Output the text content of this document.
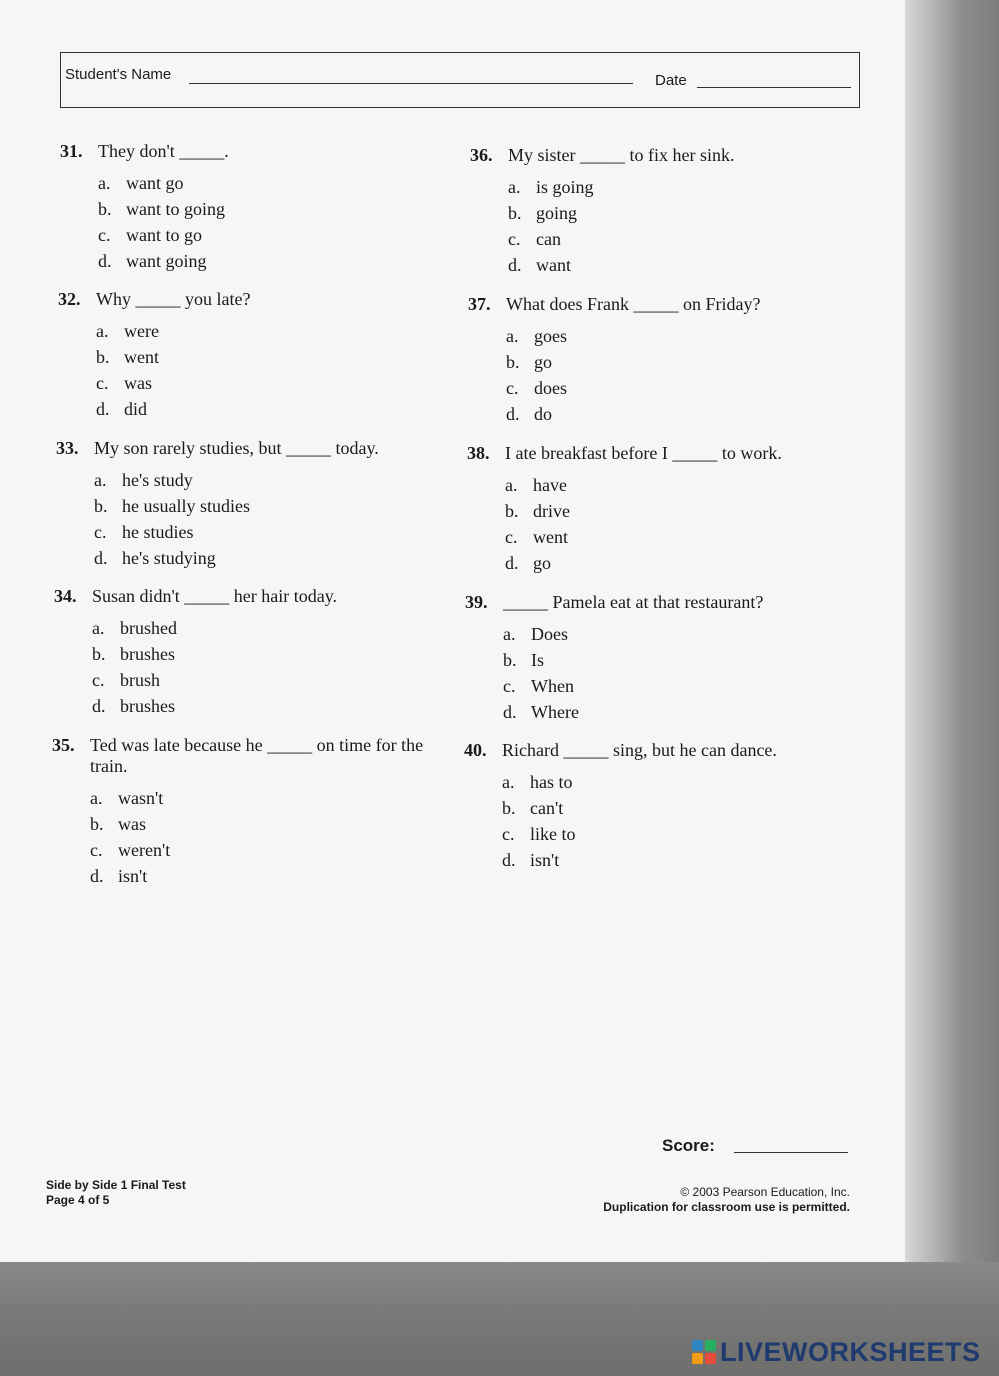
Student's Name	Date
31. They don't _____.
a. want go
b. want to going
c. want to go
d. want going
32. Why _____ you late?
a. were
b. went
c. was
d. did
33. My son rarely studies, but _____ today.
a. he's study
b. he usually studies
c. he studies
d. he's studying
34. Susan didn't _____ her hair today.
a. brushed
b. brushes
c. brush
d. brushes
35. Ted was late because he _____ on time for the train.
a. wasn't
b. was
c. weren't
d. isn't
36. My sister _____ to fix her sink.
a. is going
b. going
c. can
d. want
37. What does Frank _____ on Friday?
a. goes
b. go
c. does
d. do
38. I ate breakfast before I _____ to work.
a. have
b. drive
c. went
d. go
39. _____ Pamela eat at that restaurant?
a. Does
b. Is
c. When
d. Where
40. Richard _____ sing, but he can dance.
a. has to
b. can't
c. like to
d. isn't
Score:
Side by Side 1 Final Test
Page 4 of 5
© 2003 Pearson Education, Inc.
Duplication for classroom use is permitted.
LIVEWORKSHEETS
